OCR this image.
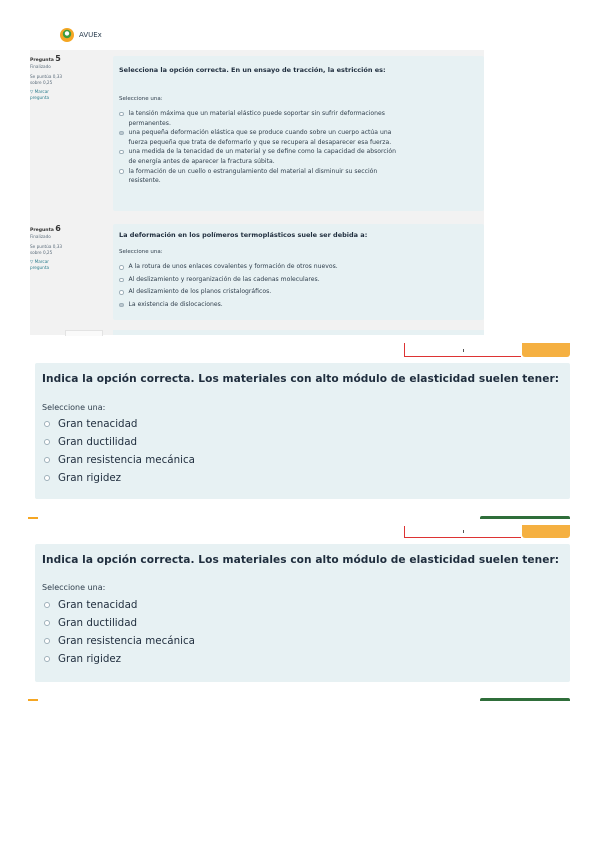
AVUEx
Pregunta 5
Finalizado
Se puntúa 0,33 sobre 0,25
▽ Marcar pregunta
Selecciona la opción correcta. En un ensayo de tracción, la estricción es:
Seleccione una:
la tensión máxima que un material elástico puede soportar sin sufrir deformaciones
permanentes.
una pequeña deformación elástica que se produce cuando sobre un cuerpo actúa una
fuerza pequeña que trata de deformarlo y que se recupera al desaparecer esa fuerza.
una medida de la tenacidad de un material y se define como la capacidad de absorción
de energía antes de aparecer la fractura súbita.
la formación de un cuello o estrangulamiento del material al disminuir su sección
resistente.
Pregunta 6
Finalizado
Se puntúa 0,33 sobre 0,25
▽ Marcar pregunta
La deformación en los polímeros termoplásticos suele ser debida a:
Seleccione una:
A la rotura de unos enlaces covalentes y formación de otros nuevos.
Al deslizamiento y reorganización de las cadenas moleculares.
Al deslizamiento de los planos cristalográficos.
La existencia de dislocaciones.
Indica la opción correcta. Los materiales con alto módulo de elasticidad suelen tener:
Seleccione una:
Gran tenacidad
Gran ductilidad
Gran resistencia mecánica
Gran rigidez
Indica la opción correcta. Los materiales con alto módulo de elasticidad suelen tener:
Seleccione una:
Gran tenacidad
Gran ductilidad
Gran resistencia mecánica
Gran rigidez
